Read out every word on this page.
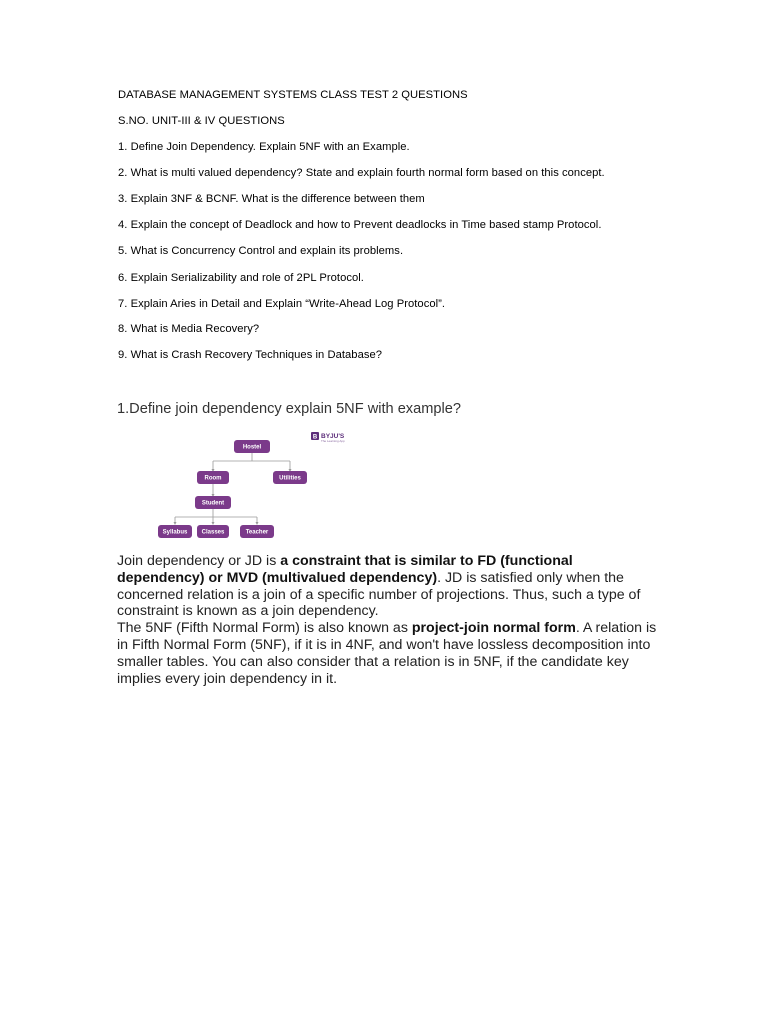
DATABASE MANAGEMENT SYSTEMS CLASS TEST 2 QUESTIONS
S.NO. UNIT-III & IV QUESTIONS
1. Define Join Dependency. Explain 5NF with an Example.
2. What is multi valued dependency? State and explain fourth normal form based on this concept.
3. Explain 3NF & BCNF. What is the difference between them
4. Explain the concept of Deadlock and how to Prevent deadlocks in Time based stamp Protocol.
5. What is Concurrency Control and explain its problems.
6. Explain Serializability and role of 2PL Protocol.
7. Explain Aries in Detail and Explain “Write-Ahead Log Protocol”.
8. What is Media Recovery?
9. What is Crash Recovery Techniques in Database?
1.Define join dependency explain 5NF with example?
Hostel
Room	Utilities
Student
Syllabus Classes	Teacher
B BYJU'S
The Learning App

Join dependency or JD is a constraint that is similar to FD (functional dependency) or MVD (multivalued dependency). JD is satisfied only when the concerned relation is a join of a specific number of projections. Thus, such a type of constraint is known as a join dependency.

The 5NF (Fifth Normal Form) is also known as project-join normal form. A relation is in Fifth Normal Form (5NF), if it is in 4NF, and won't have lossless decomposition into smaller tables. You can also consider that a relation is in 5NF, if the candidate key implies every join dependency in it.
